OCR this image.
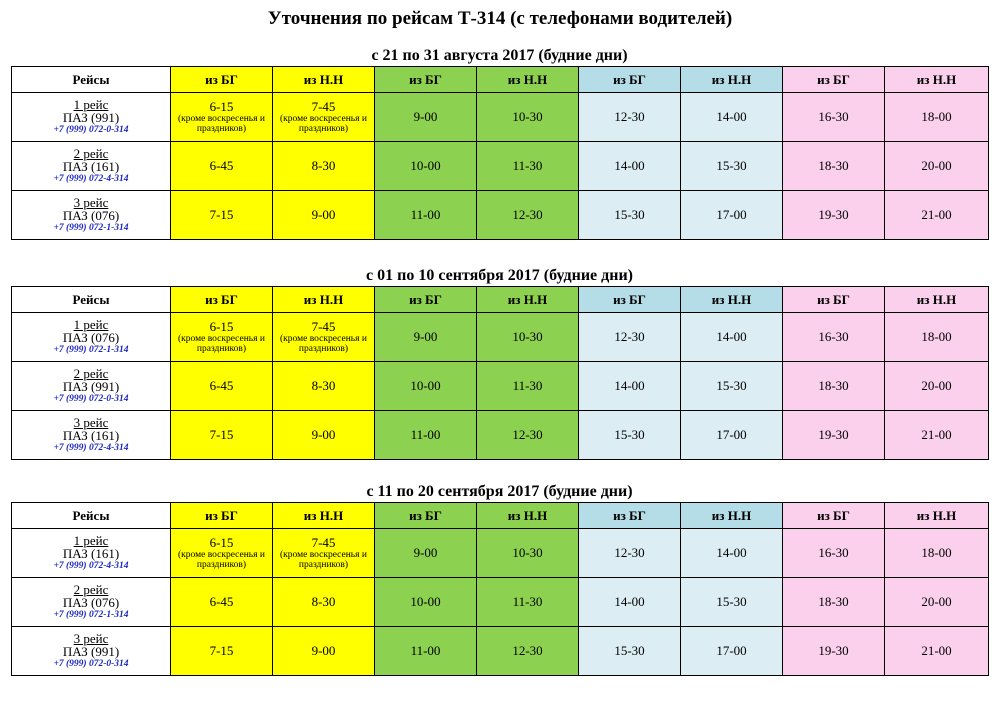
Уточнения по рейсам Т-314 (с телефонами водителей)
с 21 по 31 августа 2017 (будние дни)
Рейсы	из БГ	из Н.Н	из БГ	из Н.Н	из БГ	из Н.Н	из БГ	из Н.Н

1 рейс
ПАЗ (991)
+7 (999) 072-0-314	6-15
(кроме воскресенья и праздников)	7-45
(кроме воскресенья и праздников)	9-00	10-30	12-30	14-00	16-30	18-00

2 рейс
ПАЗ (161)
+7 (999) 072-4-314	6-45	8-30	10-00	11-30	14-00	15-30	18-30	20-00

3 рейс
ПАЗ (076)
+7 (999) 072-1-314	7-15	9-00	11-00	12-30	15-30	17-00	19-30	21-00
с 01 по 10 сентября 2017 (будние дни)
Рейсы	из БГ	из Н.Н	из БГ	из Н.Н	из БГ	из Н.Н	из БГ	из Н.Н

1 рейс
ПАЗ (076)
+7 (999) 072-1-314	6-15
(кроме воскресенья и праздников)	7-45
(кроме воскресенья и праздников)	9-00	10-30	12-30	14-00	16-30	18-00

2 рейс
ПАЗ (991)
+7 (999) 072-0-314	6-45	8-30	10-00	11-30	14-00	15-30	18-30	20-00

3 рейс
ПАЗ (161)
+7 (999) 072-4-314	7-15	9-00	11-00	12-30	15-30	17-00	19-30	21-00
с 11 по 20 сентября 2017 (будние дни)
Рейсы	из БГ	из Н.Н	из БГ	из Н.Н	из БГ	из Н.Н	из БГ	из Н.Н

1 рейс
ПАЗ (161)
+7 (999) 072-4-314	6-15
(кроме воскресенья и праздников)	7-45
(кроме воскресенья и праздников)	9-00	10-30	12-30	14-00	16-30	18-00

2 рейс
ПАЗ (076)
+7 (999) 072-1-314	6-45	8-30	10-00	11-30	14-00	15-30	18-30	20-00

3 рейс
ПАЗ (991)
+7 (999) 072-0-314	7-15	9-00	11-00	12-30	15-30	17-00	19-30	21-00
